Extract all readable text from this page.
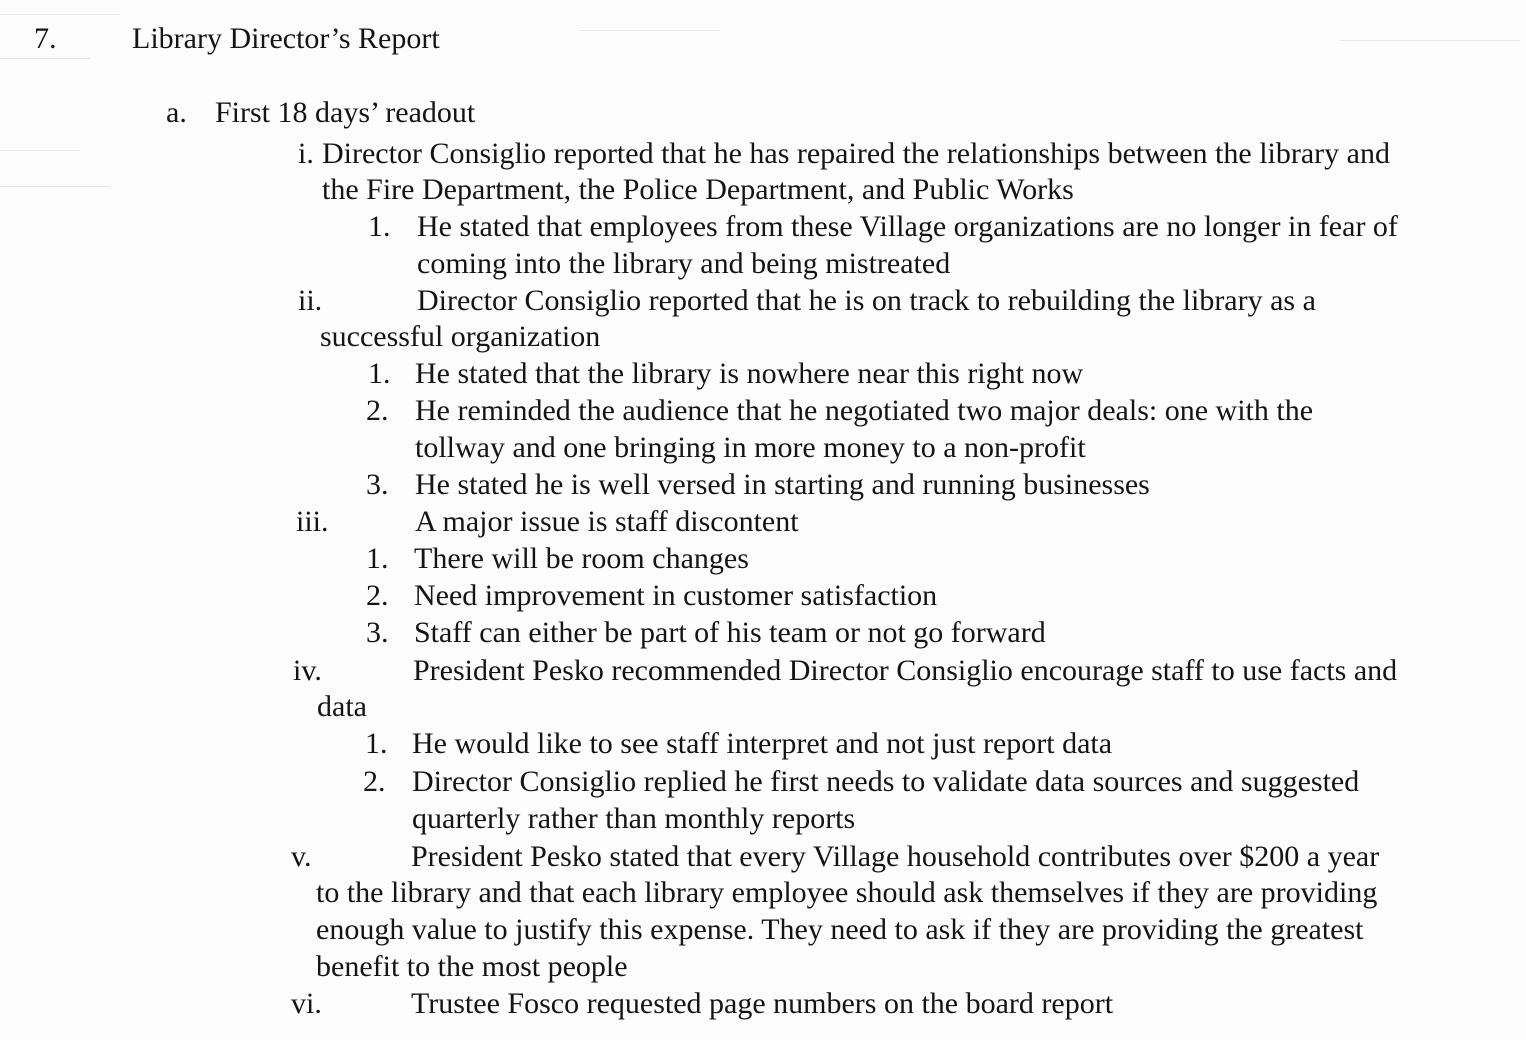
7.	Library Director’s Report
a. First 18 days’ readout
i. Director Consiglio reported that he has repaired the relationships between the library and
the Fire Department, the Police Department, and Public Works
1. He stated that employees from these Village organizations are no longer in fear of
coming into the library and being mistreated
ii.	Director Consiglio reported that he is on track to rebuilding the library as a
successful organization
1. He stated that the library is nowhere near this right now
2. He reminded the audience that he negotiated two major deals: one with the
tollway and one bringing in more money to a non-profit
3. He stated he is well versed in starting and running businesses
iii.	A major issue is staff discontent
1. There will be room changes
2. Need improvement in customer satisfaction
3. Staff can either be part of his team or not go forward
iv.	President Pesko recommended Director Consiglio encourage staff to use facts and
data
1. He would like to see staff interpret and not just report data
2. Director Consiglio replied he first needs to validate data sources and suggested
quarterly rather than monthly reports
v.	President Pesko stated that every Village household contributes over $200 a year
to the library and that each library employee should ask themselves if they are providing
enough value to justify this expense. They need to ask if they are providing the greatest
benefit to the most people
vi.	Trustee Fosco requested page numbers on the board report
